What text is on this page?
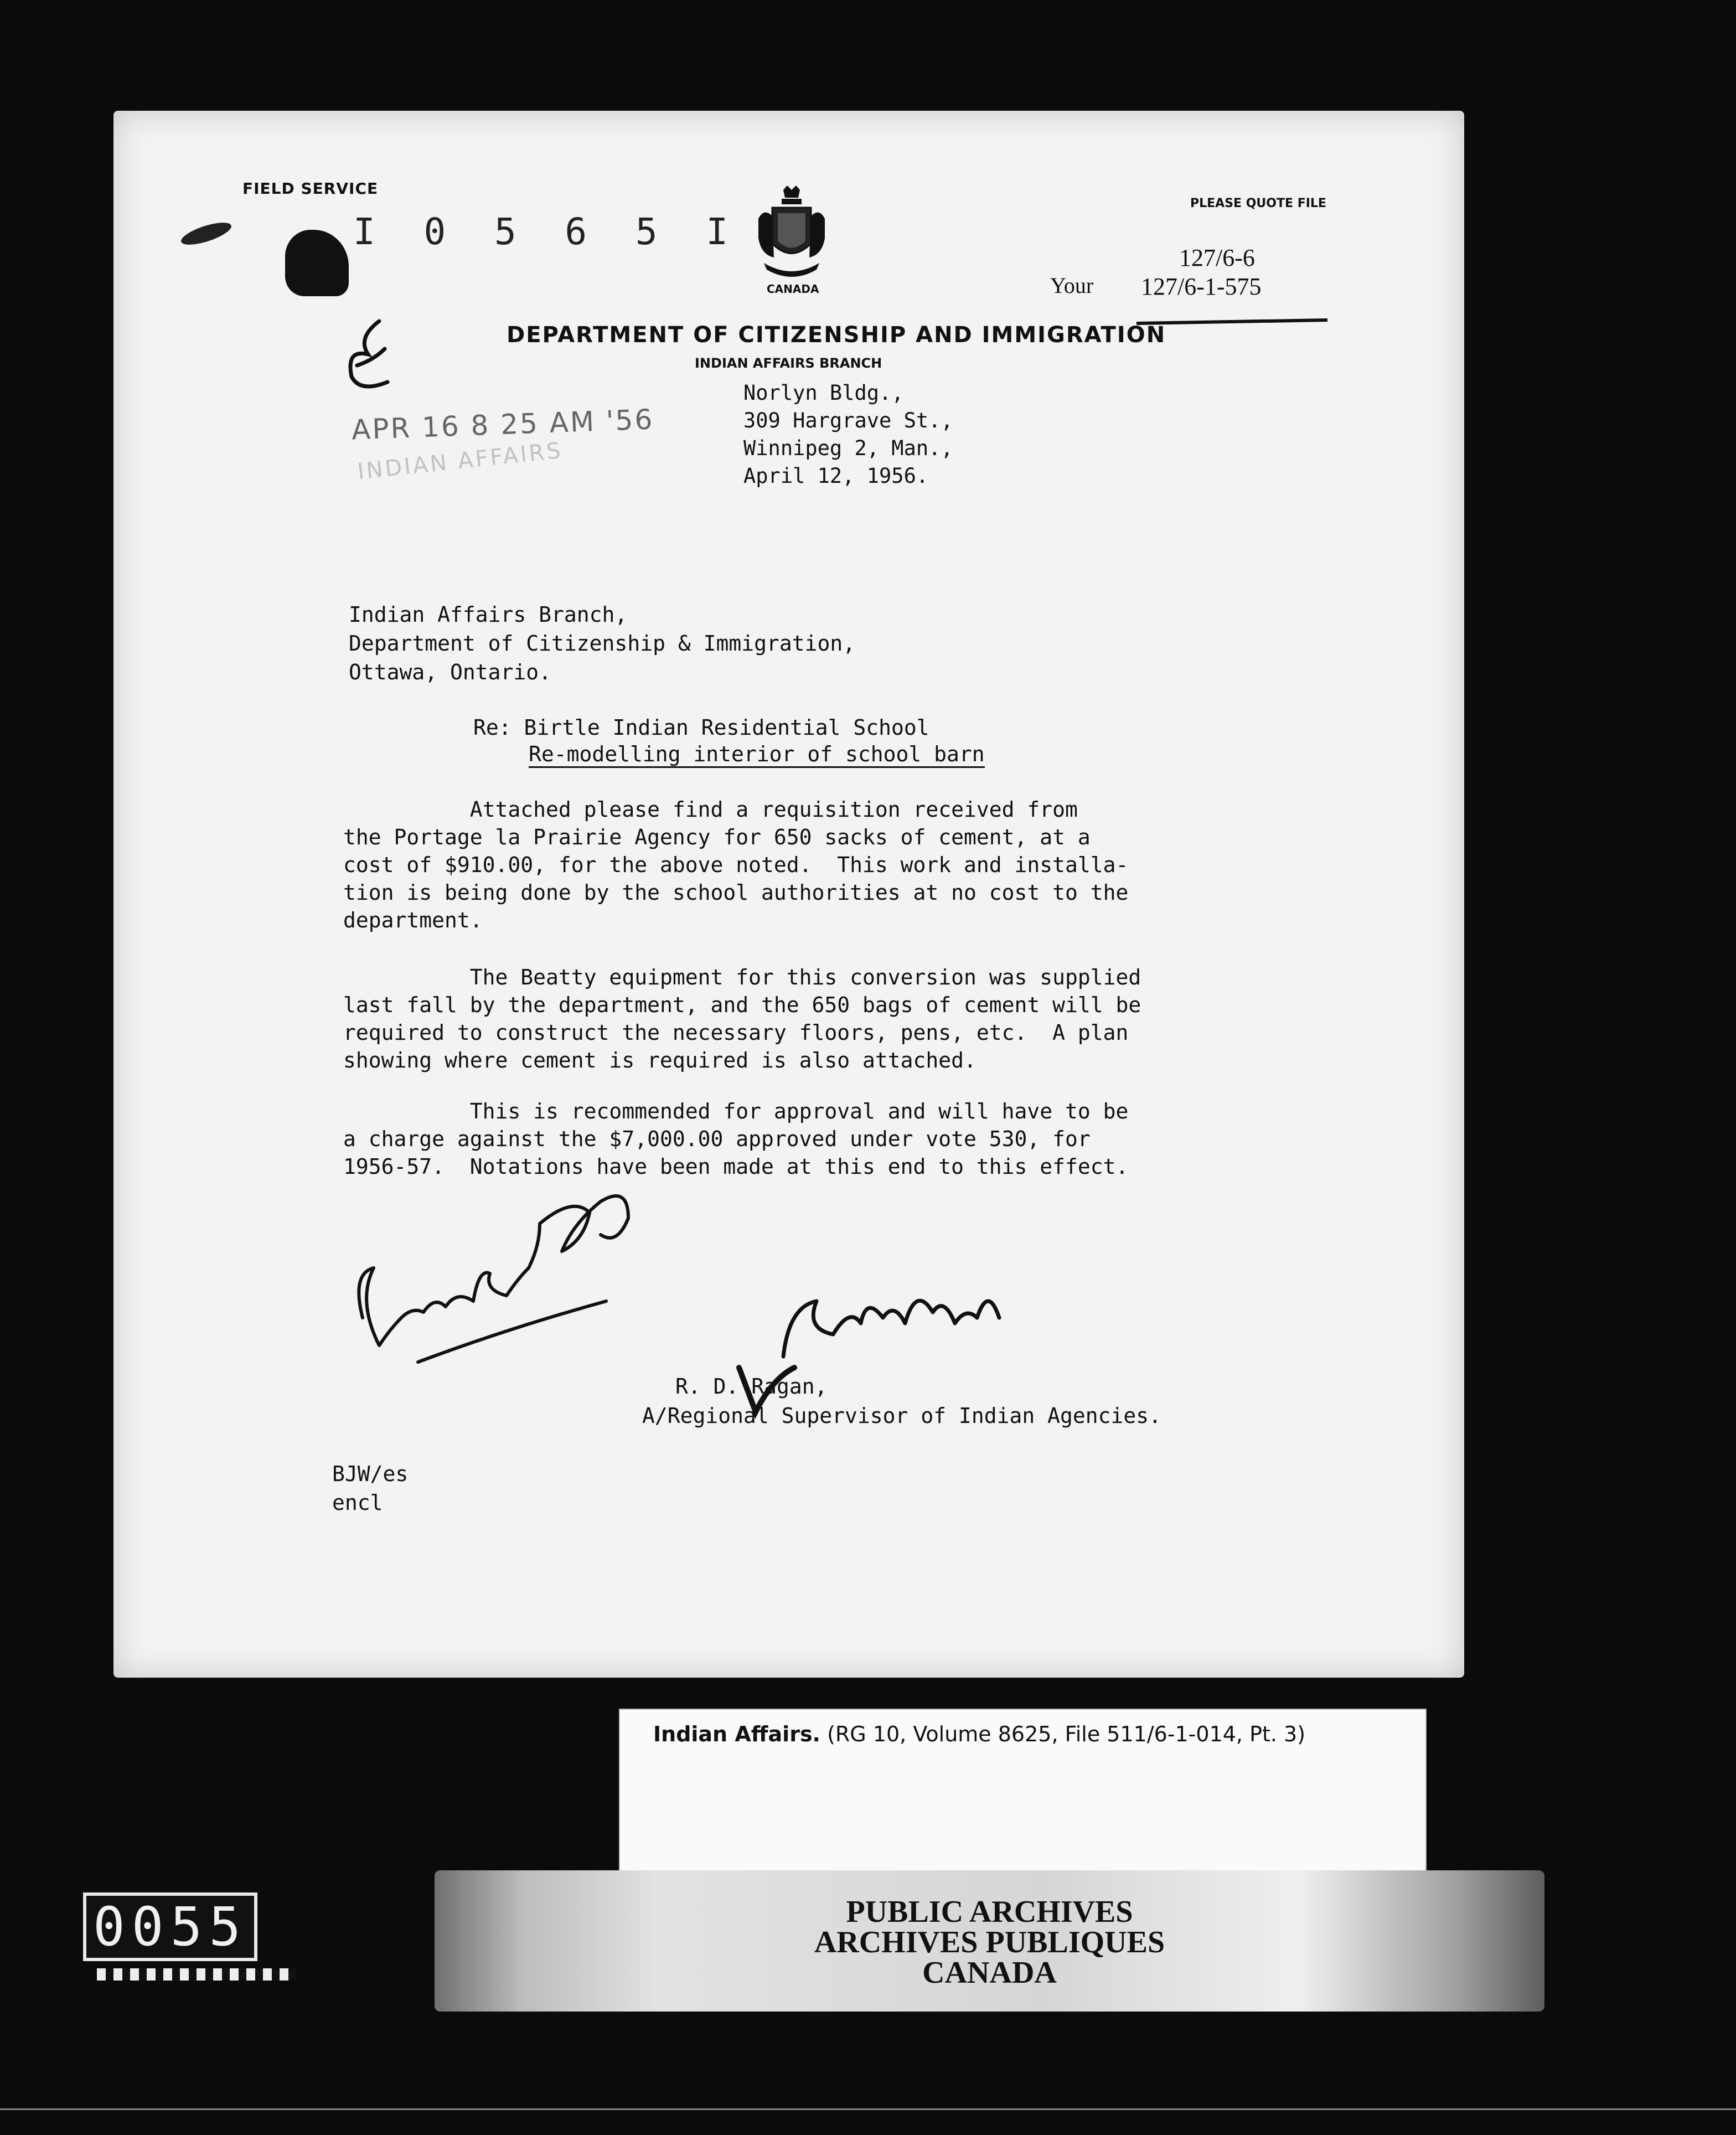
FIELD SERVICE
I 0 5 6 5 I
CANADA
PLEASE QUOTE FILE
127/6-6
Your 127/6-1-575
DEPARTMENT OF CITIZENSHIP AND IMMIGRATION
INDIAN AFFAIRS BRANCH
Norlyn Bldg.,
309 Hargrave St.,
Winnipeg 2, Man.,
April 12, 1956.
APR 16 8 25 AM '56
INDIAN AFFAIRS
Indian Affairs Branch,
Department of Citizenship & Immigration,
Ottawa, Ontario.
Re: Birtle Indian Residential School
Re-modelling interior of school barn
Attached please find a requisition received from
the Portage la Prairie Agency for 650 sacks of cement, at a
cost of $910.00, for the above noted.  This work and installa-
tion is being done by the school authorities at no cost to the
department.
The Beatty equipment for this conversion was supplied
last fall by the department, and the 650 bags of cement will be
required to construct the necessary floors, pens, etc.  A plan
showing where cement is required is also attached.
This is recommended for approval and will have to be
a charge against the $7,000.00 approved under vote 530, for
1956-57.  Notations have been made at this end to this effect.
R. D. Ragan,
A/Regional Supervisor of Indian Agencies.
BJW/es
encl
Indian Affairs. (RG 10, Volume 8625, File 511/6-1-014, Pt. 3)
PUBLIC ARCHIVES
ARCHIVES PUBLIQUES
CANADA
0055
